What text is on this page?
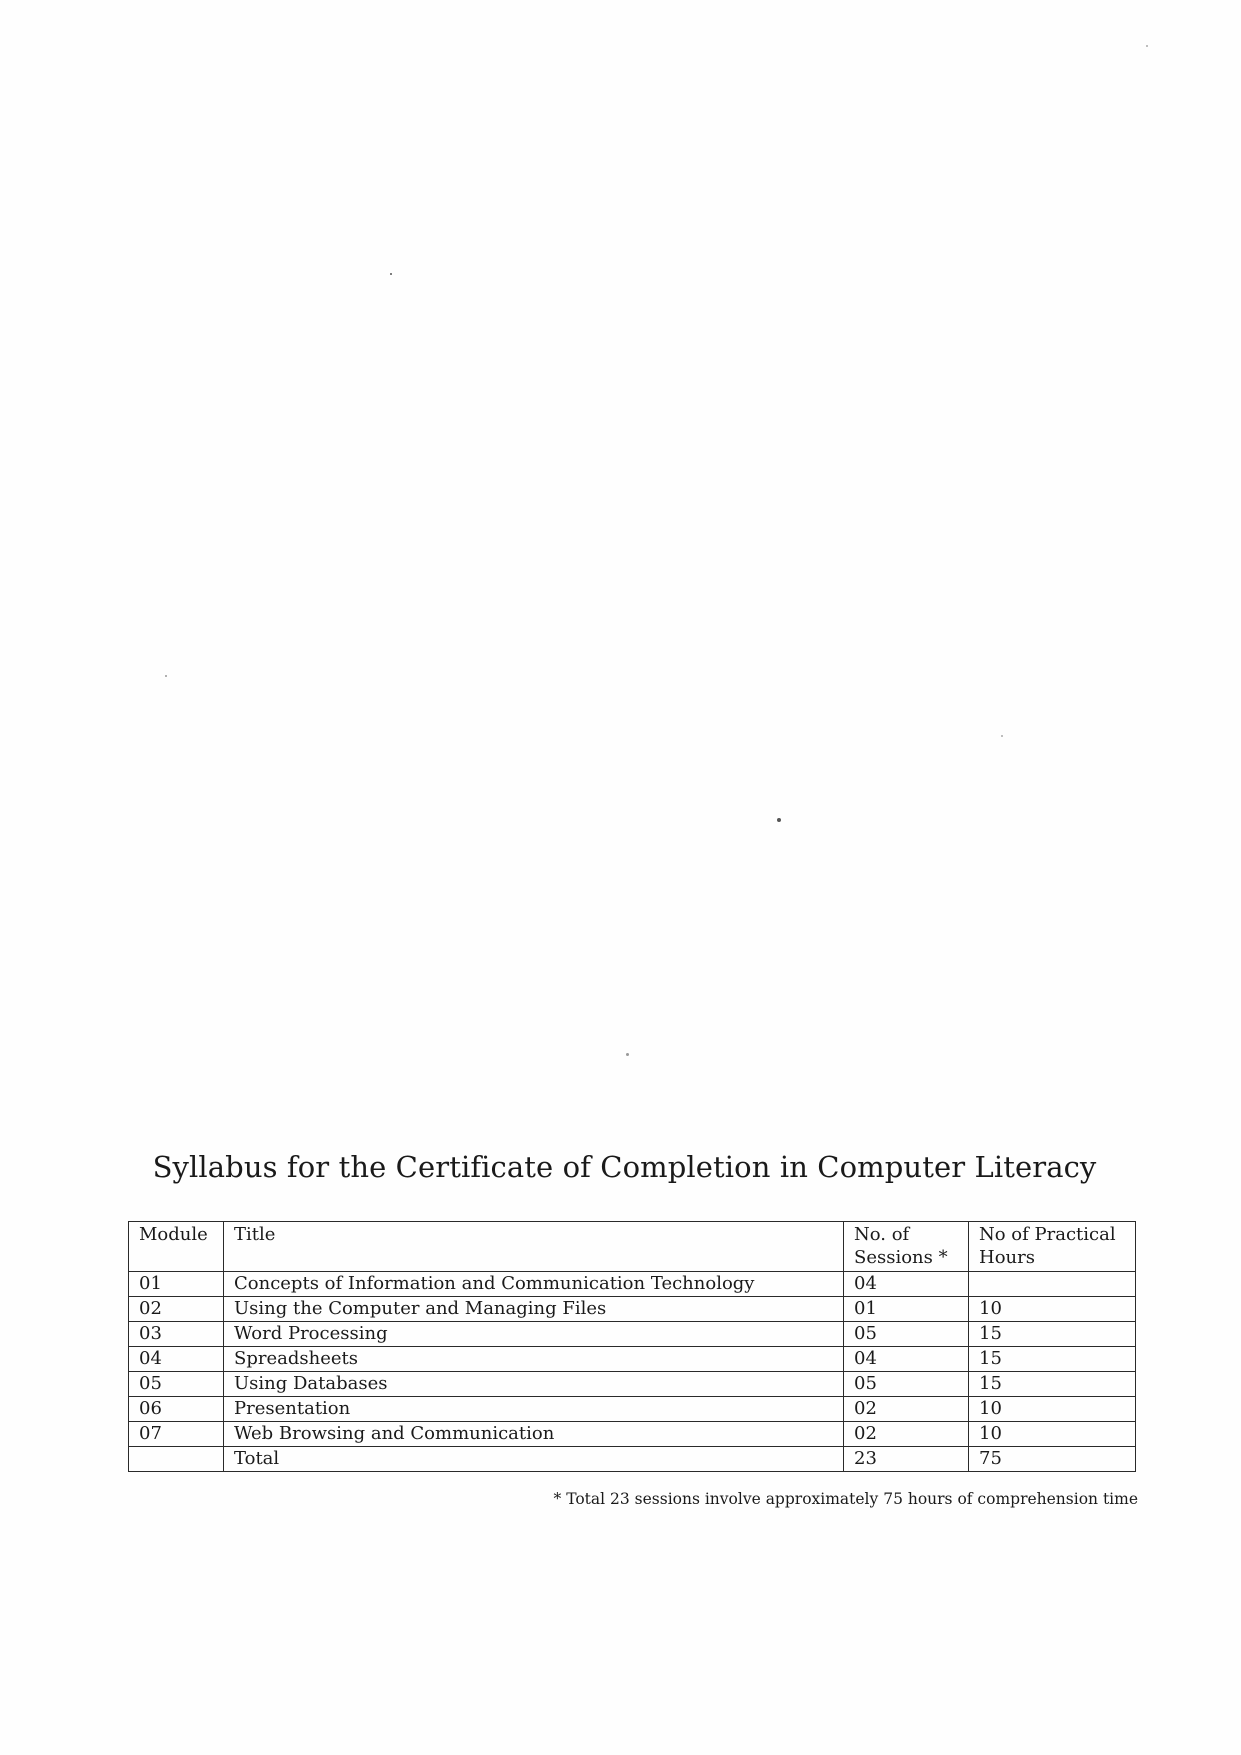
Syllabus for the Certificate of Completion in Computer Literacy
Module	Title	No. of Sessions *	No of Practical Hours
01	Concepts of Information and Communication Technology	04	
02	Using the Computer and Managing Files	01	10
03	Word Processing	05	15
04	Spreadsheets	04	15
05	Using Databases	05	15
06	Presentation	02	10
07	Web Browsing and Communication	02	10
	Total	23	75
* Total 23 sessions involve approximately 75 hours of comprehension time
